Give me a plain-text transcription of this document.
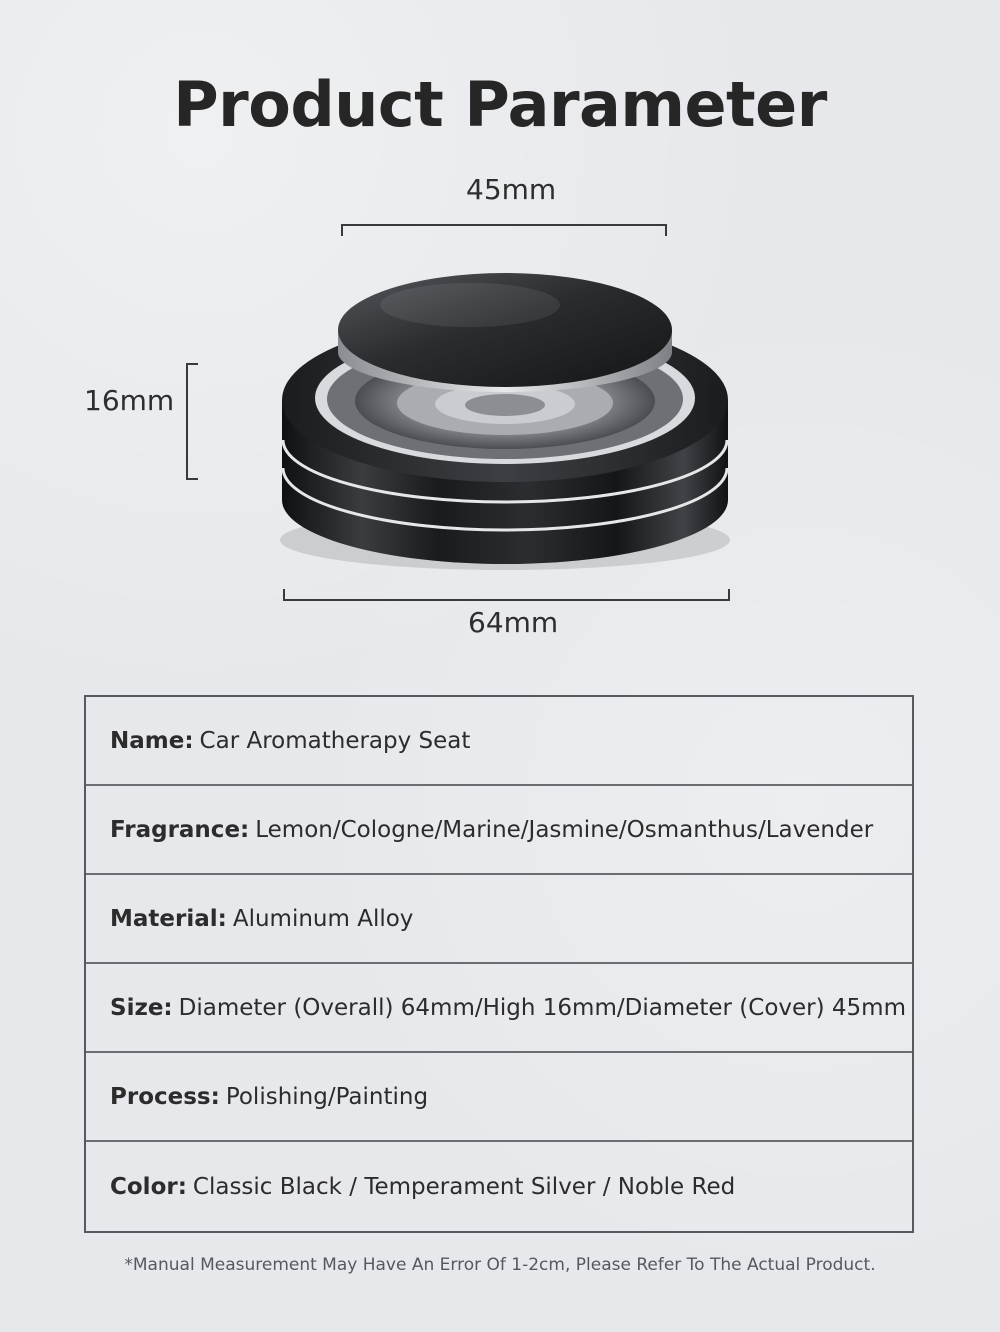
Product Parameter
45mm
16mm
64mm
Name: Car Aromatherapy Seat
Fragrance: Lemon/Cologne/Marine/Jasmine/Osmanthus/Lavender
Material: Aluminum Alloy
Size: Diameter (Overall) 64mm/High 16mm/Diameter (Cover) 45mm
Process: Polishing/Painting
Color: Classic Black / Temperament Silver / Noble Red
*Manual Measurement May Have An Error Of 1-2cm, Please Refer To The Actual Product.
